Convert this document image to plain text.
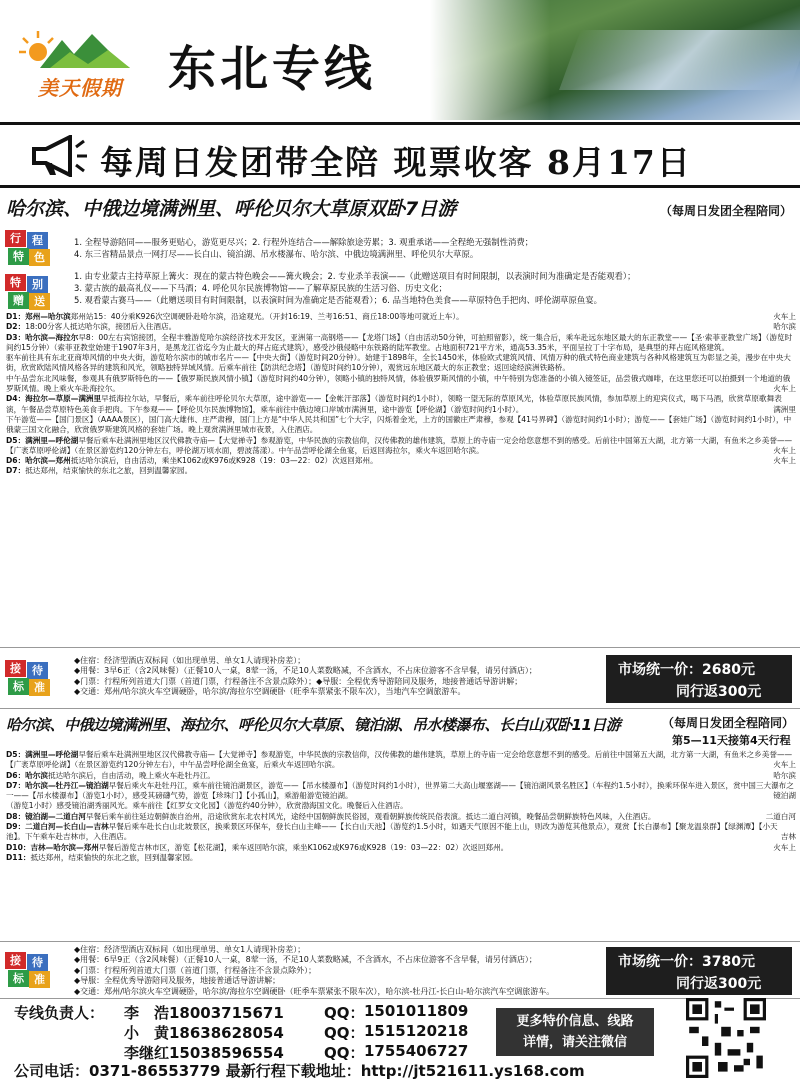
美天假期 东北专线
每周日发团带全陪 现票收客 8月17日
哈尔滨、中俄边境满洲里、呼伦贝尔大草原双卧7日游	（每周日发团全程陪同）
行	程
特 色
1. 全程导游陪同——服务更贴心，游览更尽兴；2. 行程外连结合——解除旅途劳累；3. 观重承诺——全程绝无强制性消费；
4. 东三省精品景点一网打尽——长白山、镜泊湖、吊水楼瀑布、哈尔滨、中俄边境满洲里、呼伦贝尔大草原。
特	别
赠 送
1. 由专业蒙古主持草原上篝火：现在的蒙古特色晚会——篝火晚会；2. 专业杀羊表演——（此赠送项目有时间限制，以表演时间为准确定是否能观看）；
3. 蒙古族的最高礼仪——下马酒；4. 呼伦贝尔民族博物馆——了解草原民族的生活习俗、历史文化；
5. 观看蒙古赛马——（此赠送项目有时间限制，以表演时间为准确定是否能观看）；6. 品当地特色美食——草原特色手把肉、呼伦湖草原鱼宴。

D1：郑州—哈尔滨郑州站15：40分乘K926次空调硬卧赴哈尔滨，沿途观光。（开封16:19、兰考16:51、商丘18:00等地可就近上车）。	火车上

D2：18:00分客人抵达哈尔滨，接团后入住酒店。	哈尔滨

D3：哈尔滨—海拉尔早8：00左右宾馆接团，全程丰雅游览哈尔滨经济技术开发区，亚洲第一高钢塔——【龙塔门场】（自由活动50分钟，可拍照留影），统一集合后，乘车赴远东地区最大的东正教堂——【圣·索菲亚教堂广场】（游览时间约15分钟）（索菲亚教堂始建于1907年3月，是黑龙江省迄今为止最大的拜占庭式建筑），感受沙俄侵略中东铁路的陆军教堂。占地面积721平方米，通高53.35米，平面呈拉丁十字布局，是典型的拜占庭风格建筑。

驱车前往具有东北亚商埠风情的中央大街，游览哈尔滨市的城市名片——【中央大街】（游览时间20分钟）。始建于1898年，全长1450米，体验欧式建筑风情、风情万种的俄式特色商业建筑与各种风格建筑互为彰显之美，漫步在中央大街，欣赏欧陆风情风格各异的建筑和风光，领略独特异域风情。后乘车前往【防洪纪念塔】（游览时间约10分钟），观赏远东地区最大的东正教堂；返回途经滨洲铁路桥。

中午品尝东北风味餐，参观具有俄罗斯特色的——【俄罗斯民族风情小镇】（游览时间约40分钟），领略小镇的独特风情，体验俄罗斯风情的小镇，中午特别为您准备的小镇入镜签证，品尝俄式咖啡，在这里您还可以拍摄到一个地道的俄罗斯风情。晚上乘火车赴海拉尔。	火车上

D4：海拉尔—草原—满洲里早抵海拉尔站，早餐后，乘车前往呼伦贝尔大草原，途中游览——【金帐汗部落】（游览时间约1小时），领略一望无际的草原风光，体验草原民族风情，参加草原上的迎宾仪式，喝下马酒，欣赏草原歌舞表演，午餐品尝草原特色美食手把肉。下午参观——【呼伦贝尔民族博物馆】，乘车前往中俄边境口岸城市满洲里，途中游览【呼伦湖】（游览时间约1小时）。	满洲里

下午游览——【国门景区】（AAAA景区），国门高大雄伟、庄严肃穆，国门上方是“中华人民共和国”七个大字，闪烁着金光，上方的国徽庄严肃穆，参观【41号界碑】（游览时间约1小时）；游览——【套娃广场】（游览时间约1小时），中俄蒙三国文化融合，欣赏俄罗斯建筑风格的套娃广场。晚上观赏满洲里城市夜景，入住酒店。

D5：满洲里—呼伦湖早餐后乘车赴满洲里地区汉代佛教寺庙—【大觉禅寺】参观游览，中华民族的宗教信仰，汉传佛教的雄伟建筑，草原上的寺庙一定会给您意想不到的感受。后前往中国第五大湖，北方第一大湖，有鱼米之乡美誉——【广袤草原呼伦湖】（在景区游览约120分钟左右，呼伦湖万顷水面，碧波荡漾）。中午品尝呼伦湖全鱼宴，后返回海拉尔，乘火车返回哈尔滨。	火车上

D6：哈尔滨—郑州抵达哈尔滨后，自由活动，乘坐K1062或K976或K928（19：03—22：02）次返回郑州。	火车上

D7：抵达郑州，结束愉快的东北之旅，回到温馨家园。

接	待
标 准
◆住宿：经济型酒店双标间（如出现单男、单女1人请现补房差）；
◆用餐：3早6正（含2风味餐）（正餐10人一桌，8荤一汤，不足10人菜数略减，不含酒水，不占床位游客不含早餐，请另付酒店）；
◆门票：行程所列首道大门票（首道门票，行程备注不含景点除外）；◆导服：全程优秀导游陪同及服务，地接普通话导游讲解；
◆交通：郑州/哈尔滨火车空调硬卧，哈尔滨/海拉尔空调硬卧（旺季车票紧张不限车次），当地汽车空调旅游车。
市场统一价：2680元
同行返300元
哈尔滨、中俄边境满洲里、海拉尔、呼伦贝尔大草原、镜泊湖、吊水楼瀑布、长白山双卧11日游	（每周日发团全程陪同）
第5—11天接第4天行程

D5：满洲里—呼伦湖早餐后乘车赴满洲里地区汉代佛教寺庙—【大觉禅寺】参观游览，中华民族的宗教信仰，汉传佛教的雄伟建筑，草原上的寺庙一定会给您意想不到的感受。后前往中国第五大湖，北方第一大湖，有鱼米之乡美誉——【广袤草原呼伦湖】（在景区游览约120分钟左右），中午品尝呼伦湖全鱼宴，后乘火车返回哈尔滨。	火车上

D6：哈尔滨抵达哈尔滨后，自由活动，晚上乘火车赴牡丹江。	哈尔滨

D7：哈尔滨—牡丹江—镜泊湖早餐后乘火车赴牡丹江，乘车前往镜泊湖景区，游览——【吊水楼瀑布】（游览时间约1小时），世界第二大高山堰塞湖——【镜泊湖风景名胜区】（车程约1.5小时），换乘环保车进入景区，赏中国三大瀑布之一——【吊水楼瀑布】（游览1小时），感受其磅礴气势，游览【珍珠门】【小孤山】，乘游船游览镜泊湖。	镜泊湖

（游览1小时）感受镜泊湖秀丽风光。乘车前往【红罗女文化园】（游览约40分钟），欣赏渤海国文化。晚餐后入住酒店。

D8：镜泊湖—二道白河早餐后乘车前往延边朝鲜族自治州，沿途欣赏东北农村风光，途经中国朝鲜族民俗园，观看朝鲜族传统民俗表演。抵达二道白河镇，晚餐品尝朝鲜族特色风味，入住酒店。	二道白河

D9：二道白河—长白山—吉林早餐后乘车赴长白山北坡景区，换乘景区环保车，登长白山主峰——【长白山天池】（游览约1.5小时，如遇天气原因不能上山，则改为游览其他景点），观赏【长白瀑布】【聚龙温泉群】【绿渊潭】【小天池】。下午乘车赴吉林市，入住酒店。	吉林

D10：吉林—哈尔滨—郑州早餐后游览吉林市区，游览【松花湖】，乘车返回哈尔滨，乘坐K1062或K976或K928（19：03—22：02）次返回郑州。	火车上

D11：抵达郑州，结束愉快的东北之旅，回到温馨家园。

接	待
标 准
◆住宿：经济型酒店双标间（如出现单男、单女1人请现补房差）；
◆用餐：6早9正（含2风味餐）（正餐10人一桌，8荤一汤，不足10人菜数略减，不含酒水，不占床位游客不含早餐，请另付酒店）；
◆门票：行程所列首道大门票（首道门票，行程备注不含景点除外）；
◆导服：全程优秀导游陪同及服务，地接普通话导游讲解；
◆交通：郑州/哈尔滨火车空调硬卧，哈尔滨/海拉尔空调硬卧（旺季车票紧张不限车次），哈尔滨-牡丹江-长白山-哈尔滨汽车空调旅游车。
市场统一价：3780元
同行返300元
专线负责人：	李　浩18003715671	QQ： 1501011809
小　黄18638628054	QQ： 1515120218
李继红15038596554	QQ： 1755406727
更多特价信息、线路
详情，请关注微信
公司电话：0371-86553779 最新行程下载地址：http://jt521611.ys168.com
